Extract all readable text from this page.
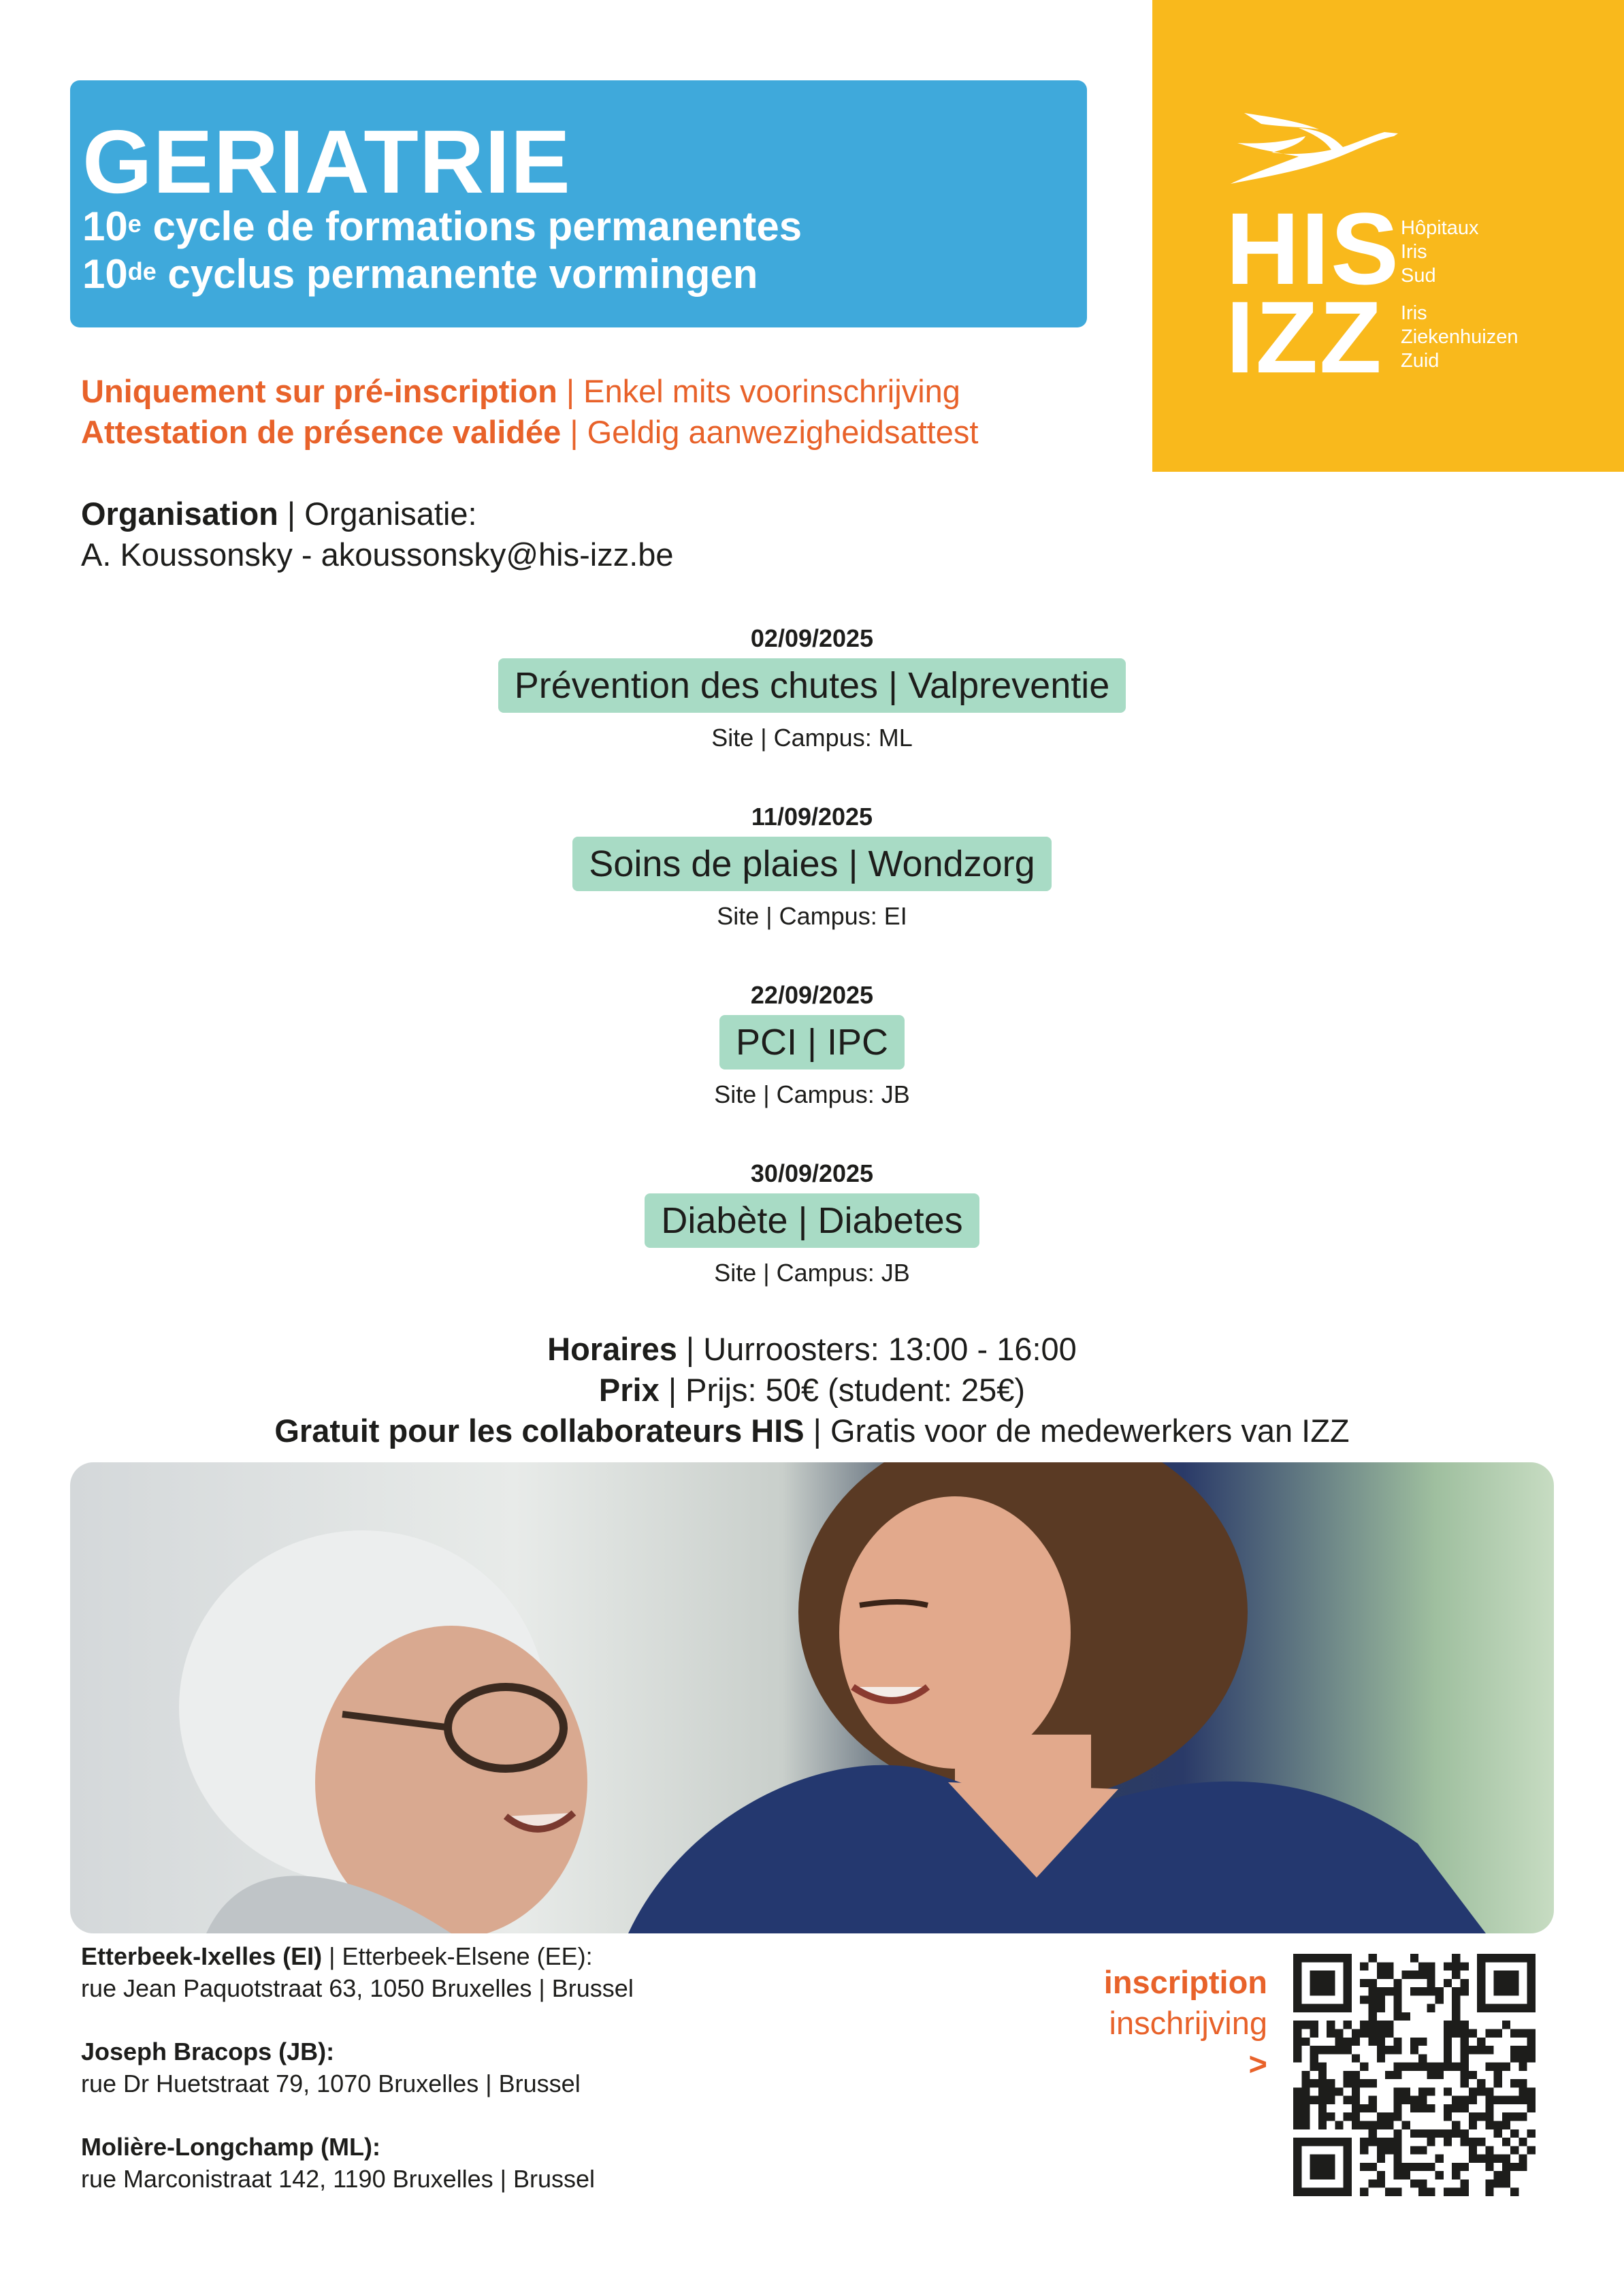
GERIATRIE
10e cycle de formations permanentes
10de cyclus permanente vormingen	HIS
IZZ
Hôpitaux
Iris
Sud
Iris
Ziekenhuizen
Zuid
Uniquement sur pré-inscription | Enkel mits voorinschrijving
Attestation de présence validée | Geldig aanwezigheidsattest
Organisation | Organisatie:
A. Koussonsky - akoussonsky@his-izz.be
02/09/2025
Prévention des chutes | Valpreventie
Site | Campus: ML
11/09/2025
Soins de plaies | Wondzorg
Site | Campus: EI
22/09/2025
PCI | IPC
Site | Campus: JB
30/09/2025
Diabète | Diabetes
Site | Campus: JB
Horaires | Uurroosters: 13:00 - 16:00
Prix | Prijs: 50€ (student: 25€)
Gratuit pour les collaborateurs HIS | Gratis voor de medewerkers van IZZ
Etterbeek-Ixelles (EI) | Etterbeek-Elsene (EE):
rue Jean Paquotstraat 63, 1050 Bruxelles | Brussel
Joseph Bracops (JB):
rue Dr Huetstraat 79, 1070 Bruxelles | Brussel
Molière-Longchamp (ML):
rue Marconistraat 142, 1190 Bruxelles | Brussel
inscription
inschrijving
>
